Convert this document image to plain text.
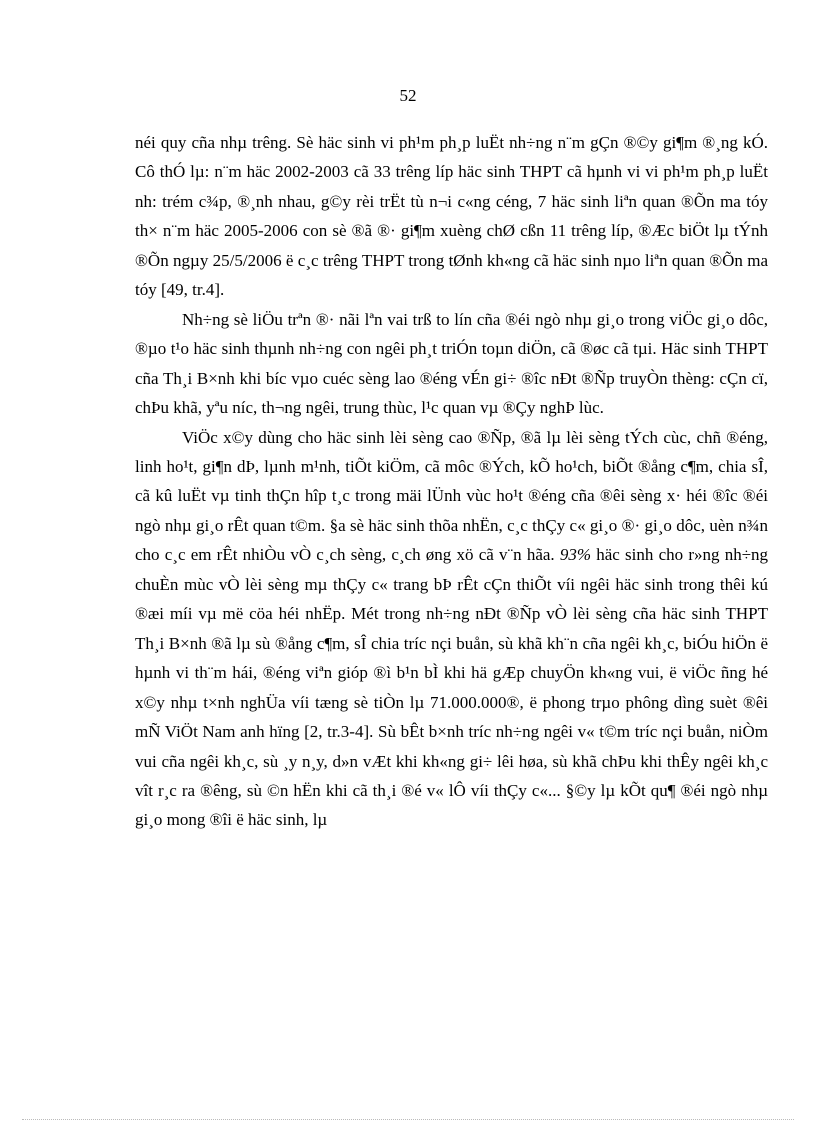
52

néi quy cña nhµ trêng. Sè häc sinh vi ph¹m ph¸p luËt nh÷ng n¨m gÇn ®©y gi¶m ®¸ng kÓ. Cô thÓ lµ: n¨m häc 2002-2003 cã 33 trêng líp häc sinh THPT cã hµnh vi vi ph¹m ph¸p luËt nh: trém c¾p, ®¸nh nhau, g©y rèi trËt tù n¬i c«ng céng, 7 häc sinh liªn quan ®Õn ma tóy th× n¨m häc 2005-2006 con sè ®ã ®· gi¶m xuèng chØ cßn 11 trêng líp, ®Æc biÖt lµ tÝnh ®Õn ngµy 25/5/2006 ë c¸c trêng THPT trong tØnh kh«ng cã häc sinh nµo liªn quan ®Õn ma tóy [49, tr.4].

Nh÷ng sè liÖu trªn ®· nãi lªn vai trß to lín cña ®éi ngò nhµ gi¸o trong viÖc gi¸o dôc, ®µo t¹o häc sinh thµnh nh÷ng con ngêi ph¸t triÓn toµn diÖn, cã ®øc cã tµi. Häc sinh THPT cña Th¸i B×nh khi bíc vµo cuéc sèng lao ®éng vÉn gi÷ ®îc nÐt ®Ñp truyÒn thèng: cÇn cï, chÞu khã, yªu níc, th¬ng ngêi, trung thùc, l¹c quan vµ ®Çy nghÞ lùc.

ViÖc x©y dùng cho häc sinh lèi sèng cao ®Ñp, ®ã lµ lèi sèng tÝch cùc, chñ ®éng, linh ho¹t, gi¶n dÞ, lµnh m¹nh, tiÕt kiÖm, cã môc ®Ých, kÕ ho¹ch, biÕt ®ång c¶m, chia sÎ, cã kû luËt vµ tinh thÇn hîp t¸c trong mäi lÜnh vùc ho¹t ®éng cña ®êi sèng x· héi ®îc ®éi ngò nhµ gi¸o rÊt quan t©m. §a sè häc sinh thõa nhËn, c¸c thÇy c« gi¸o ®· gi¸o dôc, uèn n¾n cho c¸c em rÊt nhiÒu vÒ c¸ch sèng, c¸ch øng xö cã v¨n hãa. 93% häc sinh cho r»ng nh÷ng chuÈn mùc vÒ lèi sèng mµ thÇy c« trang bÞ rÊt cÇn thiÕt víi ngêi häc sinh trong thêi kú ®æi míi vµ më cöa héi nhËp. Mét trong nh÷ng nÐt ®Ñp vÒ lèi sèng cña häc sinh THPT Th¸i B×nh ®ã lµ sù ®ång c¶m, sÎ chia tríc nçi buån, sù khã kh¨n cña ngêi kh¸c, biÓu hiÖn ë hµnh vi th¨m hái, ®éng viªn gióp ®ì b¹n bÌ khi hä gÆp chuyÖn kh«ng vui, ë viÖc ñng hé x©y nhµ t×nh nghÜa víi tæng sè tiÒn lµ 71.000.000®, ë phong trµo phông dìng suèt ®êi mÑ ViÖt Nam anh hïng [2, tr.3-4]. Sù bÊt b×nh tríc nh÷ng ngêi v« t©m tríc nçi buån, niÒm vui cña ngêi kh¸c, sù ¸y n¸y, d»n vÆt khi kh«ng gi÷ lêi høa, sù khã chÞu khi thÊy ngêi kh¸c vît r¸c ra ®êng, sù ©n hËn khi cã th¸i ®é v« lÔ víi thÇy c«... §©y lµ kÕt qu¶ ®éi ngò nhµ gi¸o mong ®îi ë häc sinh, lµ
